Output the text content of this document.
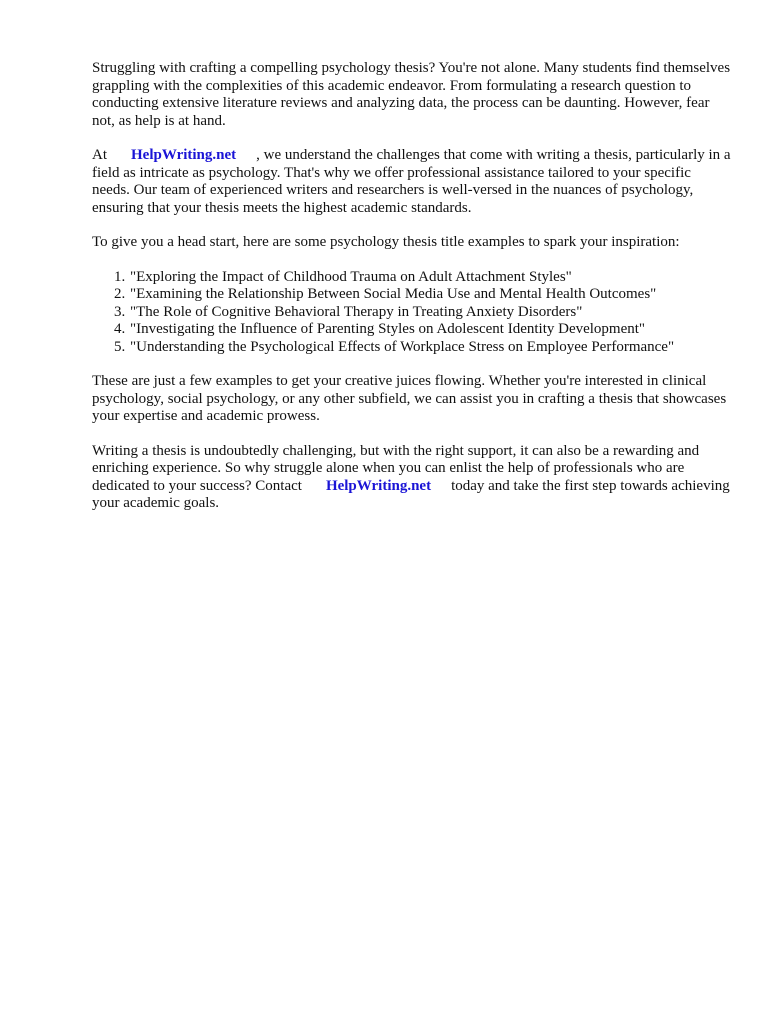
Struggling with crafting a compelling psychology thesis? You're not alone. Many students find themselves grappling with the complexities of this academic endeavor. From formulating a research question to conducting extensive literature reviews and analyzing data, the process can be daunting. However, fear not, as help is at hand.

At HelpWriting.net , we understand the challenges that come with writing a thesis, particularly in a field as intricate as psychology. That's why we offer professional assistance tailored to your specific needs. Our team of experienced writers and researchers is well-versed in the nuances of psychology, ensuring that your thesis meets the highest academic standards.

To give you a head start, here are some psychology thesis title examples to spark your inspiration:

1. "Exploring the Impact of Childhood Trauma on Adult Attachment Styles"
2. "Examining the Relationship Between Social Media Use and Mental Health Outcomes"
3. "The Role of Cognitive Behavioral Therapy in Treating Anxiety Disorders"
4. "Investigating the Influence of Parenting Styles on Adolescent Identity Development"
5. "Understanding the Psychological Effects of Workplace Stress on Employee Performance"

These are just a few examples to get your creative juices flowing. Whether you're interested in clinical psychology, social psychology, or any other subfield, we can assist you in crafting a thesis that showcases your expertise and academic prowess.

Writing a thesis is undoubtedly challenging, but with the right support, it can also be a rewarding and enriching experience. So why struggle alone when you can enlist the help of professionals who are dedicated to your success? Contact HelpWriting.net today and take the first step towards achieving your academic goals.
